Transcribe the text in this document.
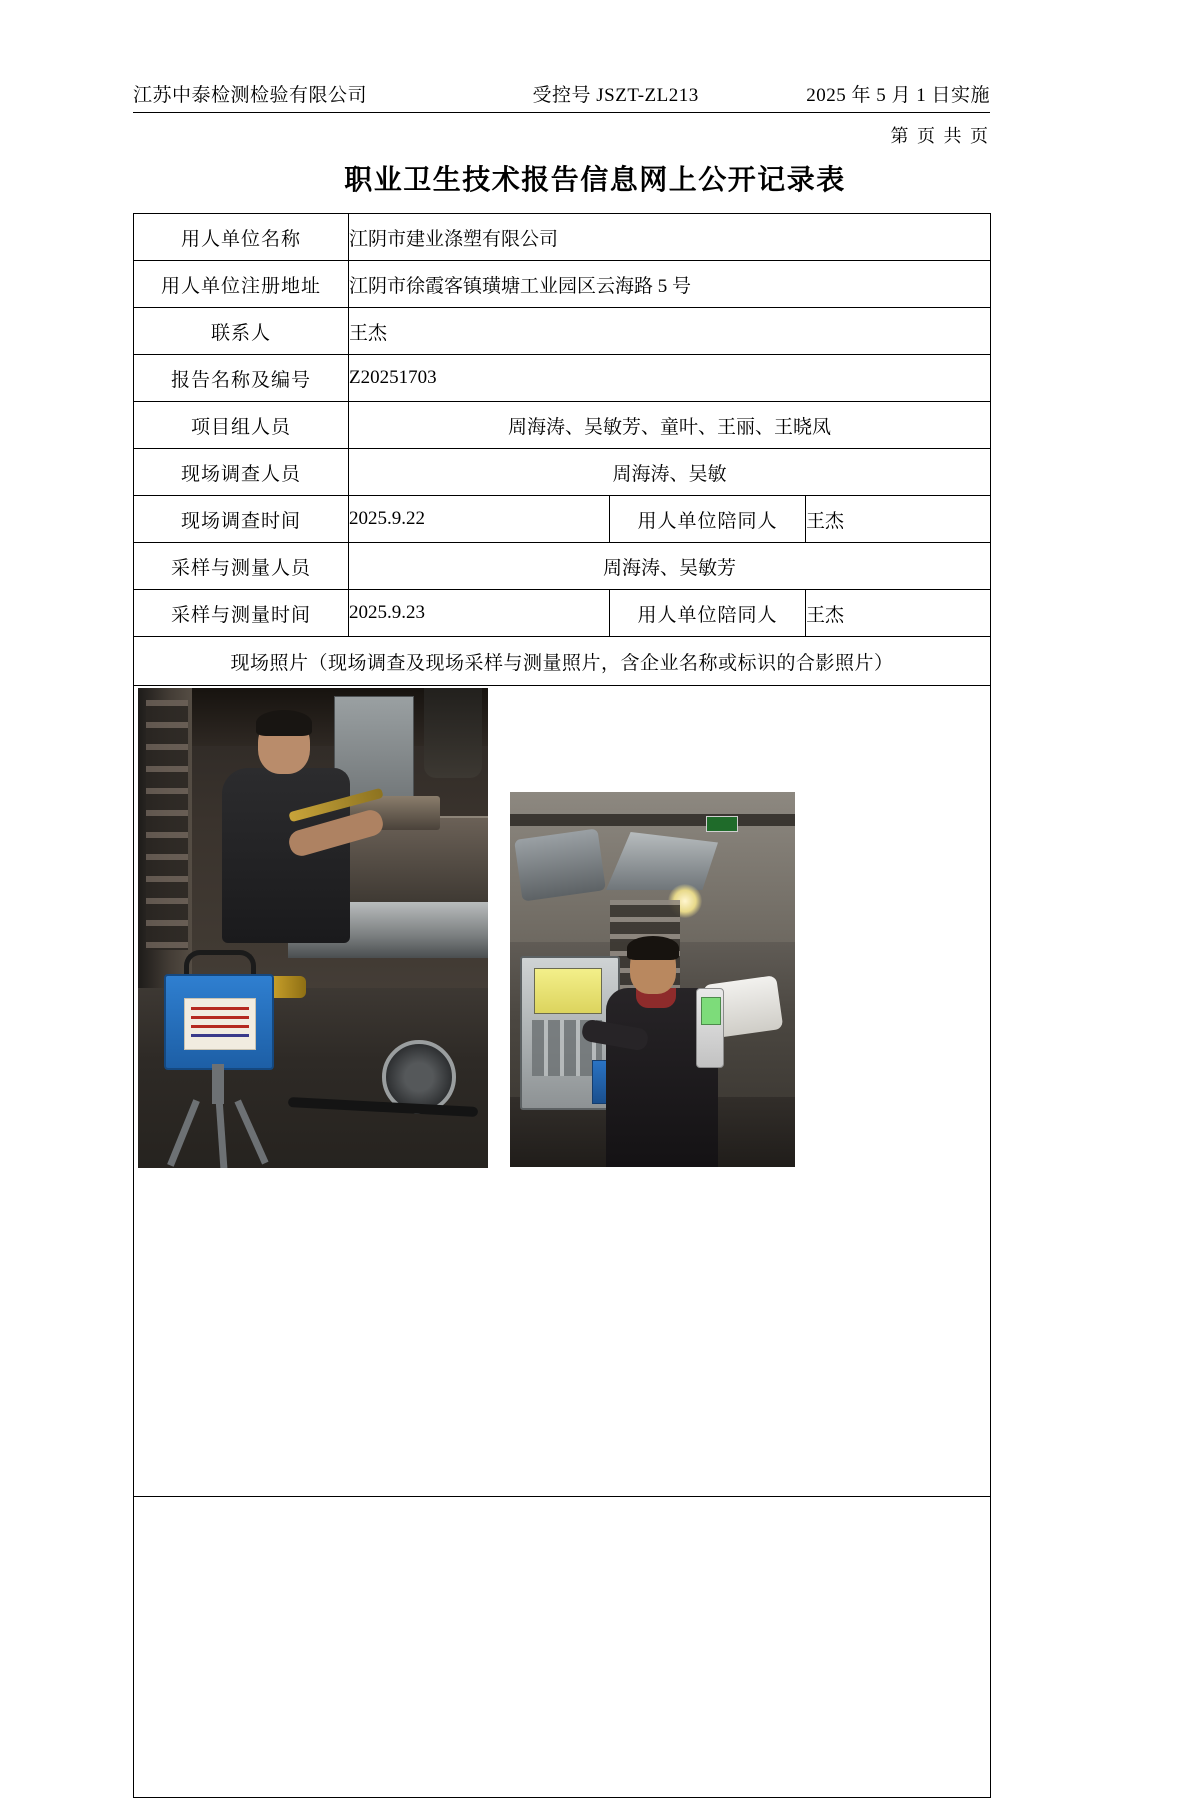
江苏中泰检测检验有限公司	受控号 JSZT-ZL213	2025 年 5 月 1 日实施
第 页 共 页
职业卫生技术报告信息网上公开记录表
用人单位名称	江阴市建业涤塑有限公司		
用人单位注册地址	江阴市徐霞客镇璜塘工业园区云海路 5 号		
联系人	王杰		
报告名称及编号	Z20251703		
项目组人员	周海涛、吴敏芳、童叶、王丽、王晓凤		
现场调查人员	周海涛、吴敏		
现场调查时间	2025.9.22	用人单位陪同人	王杰
采样与测量人员	周海涛、吴敏芳		
采样与测量时间	2025.9.23	用人单位陪同人	王杰
现场照片（现场调查及现场采样与测量照片，含企业名称或标识的合影照片）			
